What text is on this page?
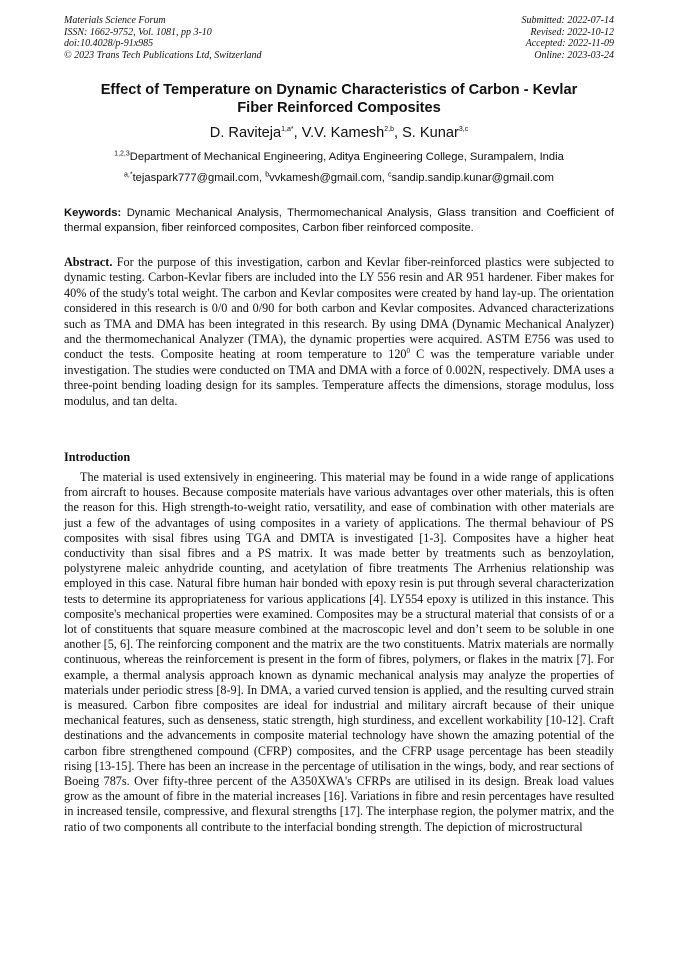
Materials Science Forum
ISSN: 1662-9752, Vol. 1081, pp 3-10
doi:10.4028/p-91x985
© 2023 Trans Tech Publications Ltd, Switzerland
Submitted: 2022-07-14
Revised: 2022-10-12
Accepted: 2022-11-09
Online: 2023-03-24
Effect of Temperature on Dynamic Characteristics of Carbon - Kevlar
Fiber Reinforced Composites
D. Raviteja$^{1,a*}$, V.V. Kamesh$^{2,b}$, S. Kunar$^{3,c}$
$^{1,2,3}$Department of Mechanical Engineering, Aditya Engineering College, Surampalem, India
$^{a,*}$tejaspark777@gmail.com, $^b$vvkamesh@gmail.com, $^c$sandip.sandip.kunar@gmail.com
Keywords: Dynamic Mechanical Analysis, Thermomechanical Analysis, Glass transition and Coefficient of thermal expansion, fiber reinforced composites, Carbon fiber reinforced composite.
Abstract. For the purpose of this investigation, carbon and Kevlar fiber-reinforced plastics were subjected to dynamic testing. Carbon-Kevlar fibers are included into the LY 556 resin and AR 951 hardener. Fiber makes for 40% of the study's total weight. The carbon and Kevlar composites were created by hand lay-up. The orientation considered in this research is 0/0 and 0/90 for both carbon and Kevlar composites. Advanced characterizations such as TMA and DMA has been integrated in this research. By using DMA (Dynamic Mechanical Analyzer) and the thermomechanical Analyzer (TMA), the dynamic properties were acquired. ASTM E756 was used to conduct the tests. Composite heating at room temperature to $120^0$ C was the temperature variable under investigation. The studies were conducted on TMA and DMA with a force of 0.002N, respectively. DMA uses a three-point bending loading design for its samples. Temperature affects the dimensions, storage modulus, loss modulus, and tan delta.
Introduction
The material is used extensively in engineering. This material may be found in a wide range of applications from aircraft to houses. Because composite materials have various advantages over other materials, this is often the reason for this. High strength-to-weight ratio, versatility, and ease of combination with other materials are just a few of the advantages of using composites in a variety of applications. The thermal behaviour of PS composites with sisal fibres using TGA and DMTA is investigated [1-3]. Composites have a higher heat conductivity than sisal fibres and a PS matrix. It was made better by treatments such as benzoylation, polystyrene maleic anhydride counting, and acetylation of fibre treatments The Arrhenius relationship was employed in this case. Natural fibre human hair bonded with epoxy resin is put through several characterization tests to determine its appropriateness for various applications [4]. LY554 epoxy is utilized in this instance. This composite's mechanical properties were examined. Composites may be a structural material that consists of or a lot of constituents that square measure combined at the macroscopic level and don’t seem to be soluble in one another [5, 6]. The reinforcing component and the matrix are the two constituents. Matrix materials are normally continuous, whereas the reinforcement is present in the form of fibres, polymers, or flakes in the matrix [7]. For example, a thermal analysis approach known as dynamic mechanical analysis may analyze the properties of materials under periodic stress [8-9]. In DMA, a varied curved tension is applied, and the resulting curved strain is measured. Carbon fibre composites are ideal for industrial and military aircraft because of their unique mechanical features, such as denseness, static strength, high sturdiness, and excellent workability [10-12]. Craft destinations and the advancements in composite material technology have shown the amazing potential of the carbon fibre strengthened compound (CFRP) composites, and the CFRP usage percentage has been steadily rising [13-15]. There has been an increase in the percentage of utilisation in the wings, body, and rear sections of Boeing 787s. Over fifty-three percent of the A350XWA's CFRPs are utilised in its design. Break load values grow as the amount of fibre in the material increases [16]. Variations in fibre and resin percentages have resulted in increased tensile, compressive, and flexural strengths [17]. The interphase region, the polymer matrix, and the ratio of two components all contribute to the interfacial bonding strength. The depiction of microstructural
